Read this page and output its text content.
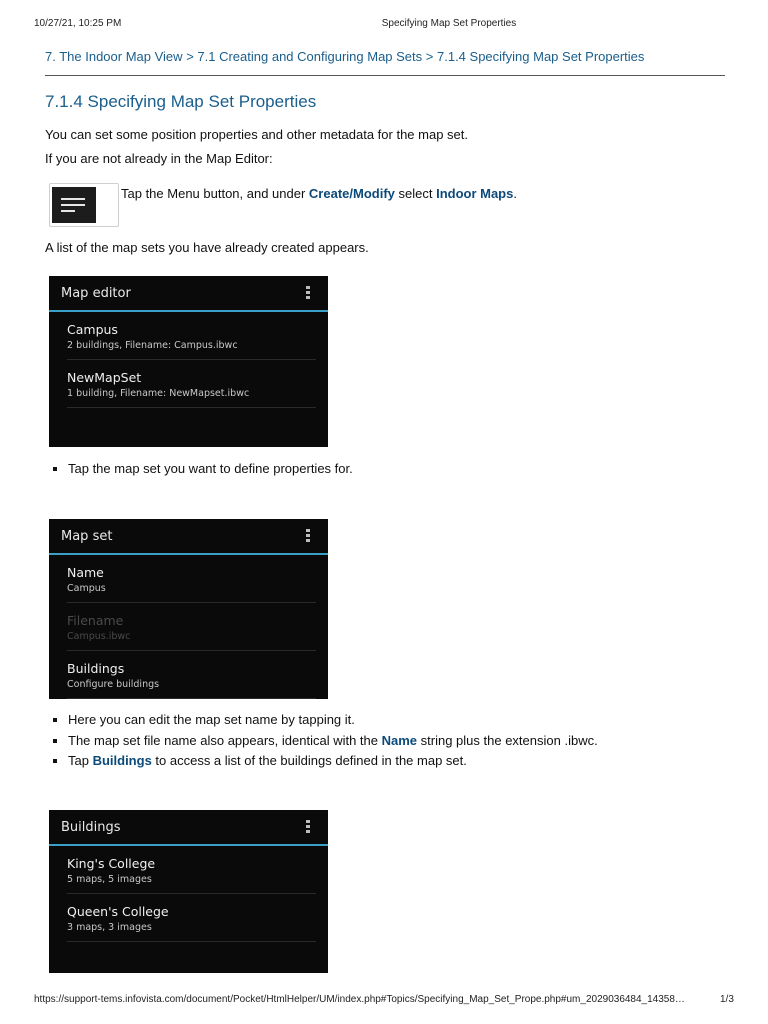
10/27/21, 10:25 PM	Specifying Map Set Properties
7. The Indoor Map View > 7.1 Creating and Configuring Map Sets > 7.1.4 Specifying Map Set Properties
7.1.4 Specifying Map Set Properties
You can set some position properties and other metadata for the map set.
If you are not already in the Map Editor:
Tap the Menu button, and under Create/Modify select Indoor Maps.
A list of the map sets you have already created appears.
Map editor
Campus
2 buildings, Filename: Campus.ibwc
NewMapSet
1 building, Filename: NewMapset.ibwc
Tap the map set you want to define properties for.
Map set
Name
Campus
Filename
Campus.ibwc
Buildings
Configure buildings
Here you can edit the map set name by tapping it.
The map set file name also appears, identical with the Name string plus the extension .ibwc.
Tap Buildings to access a list of the buildings defined in the map set.
Buildings
King's College
5 maps, 5 images
Queen's College
3 maps, 3 images
https://support-tems.infovista.com/document/Pocket/HtmlHelper/UM/index.php#Topics/Specifying_Map_Set_Prope.php#um_2029036484_14358…	1/3
